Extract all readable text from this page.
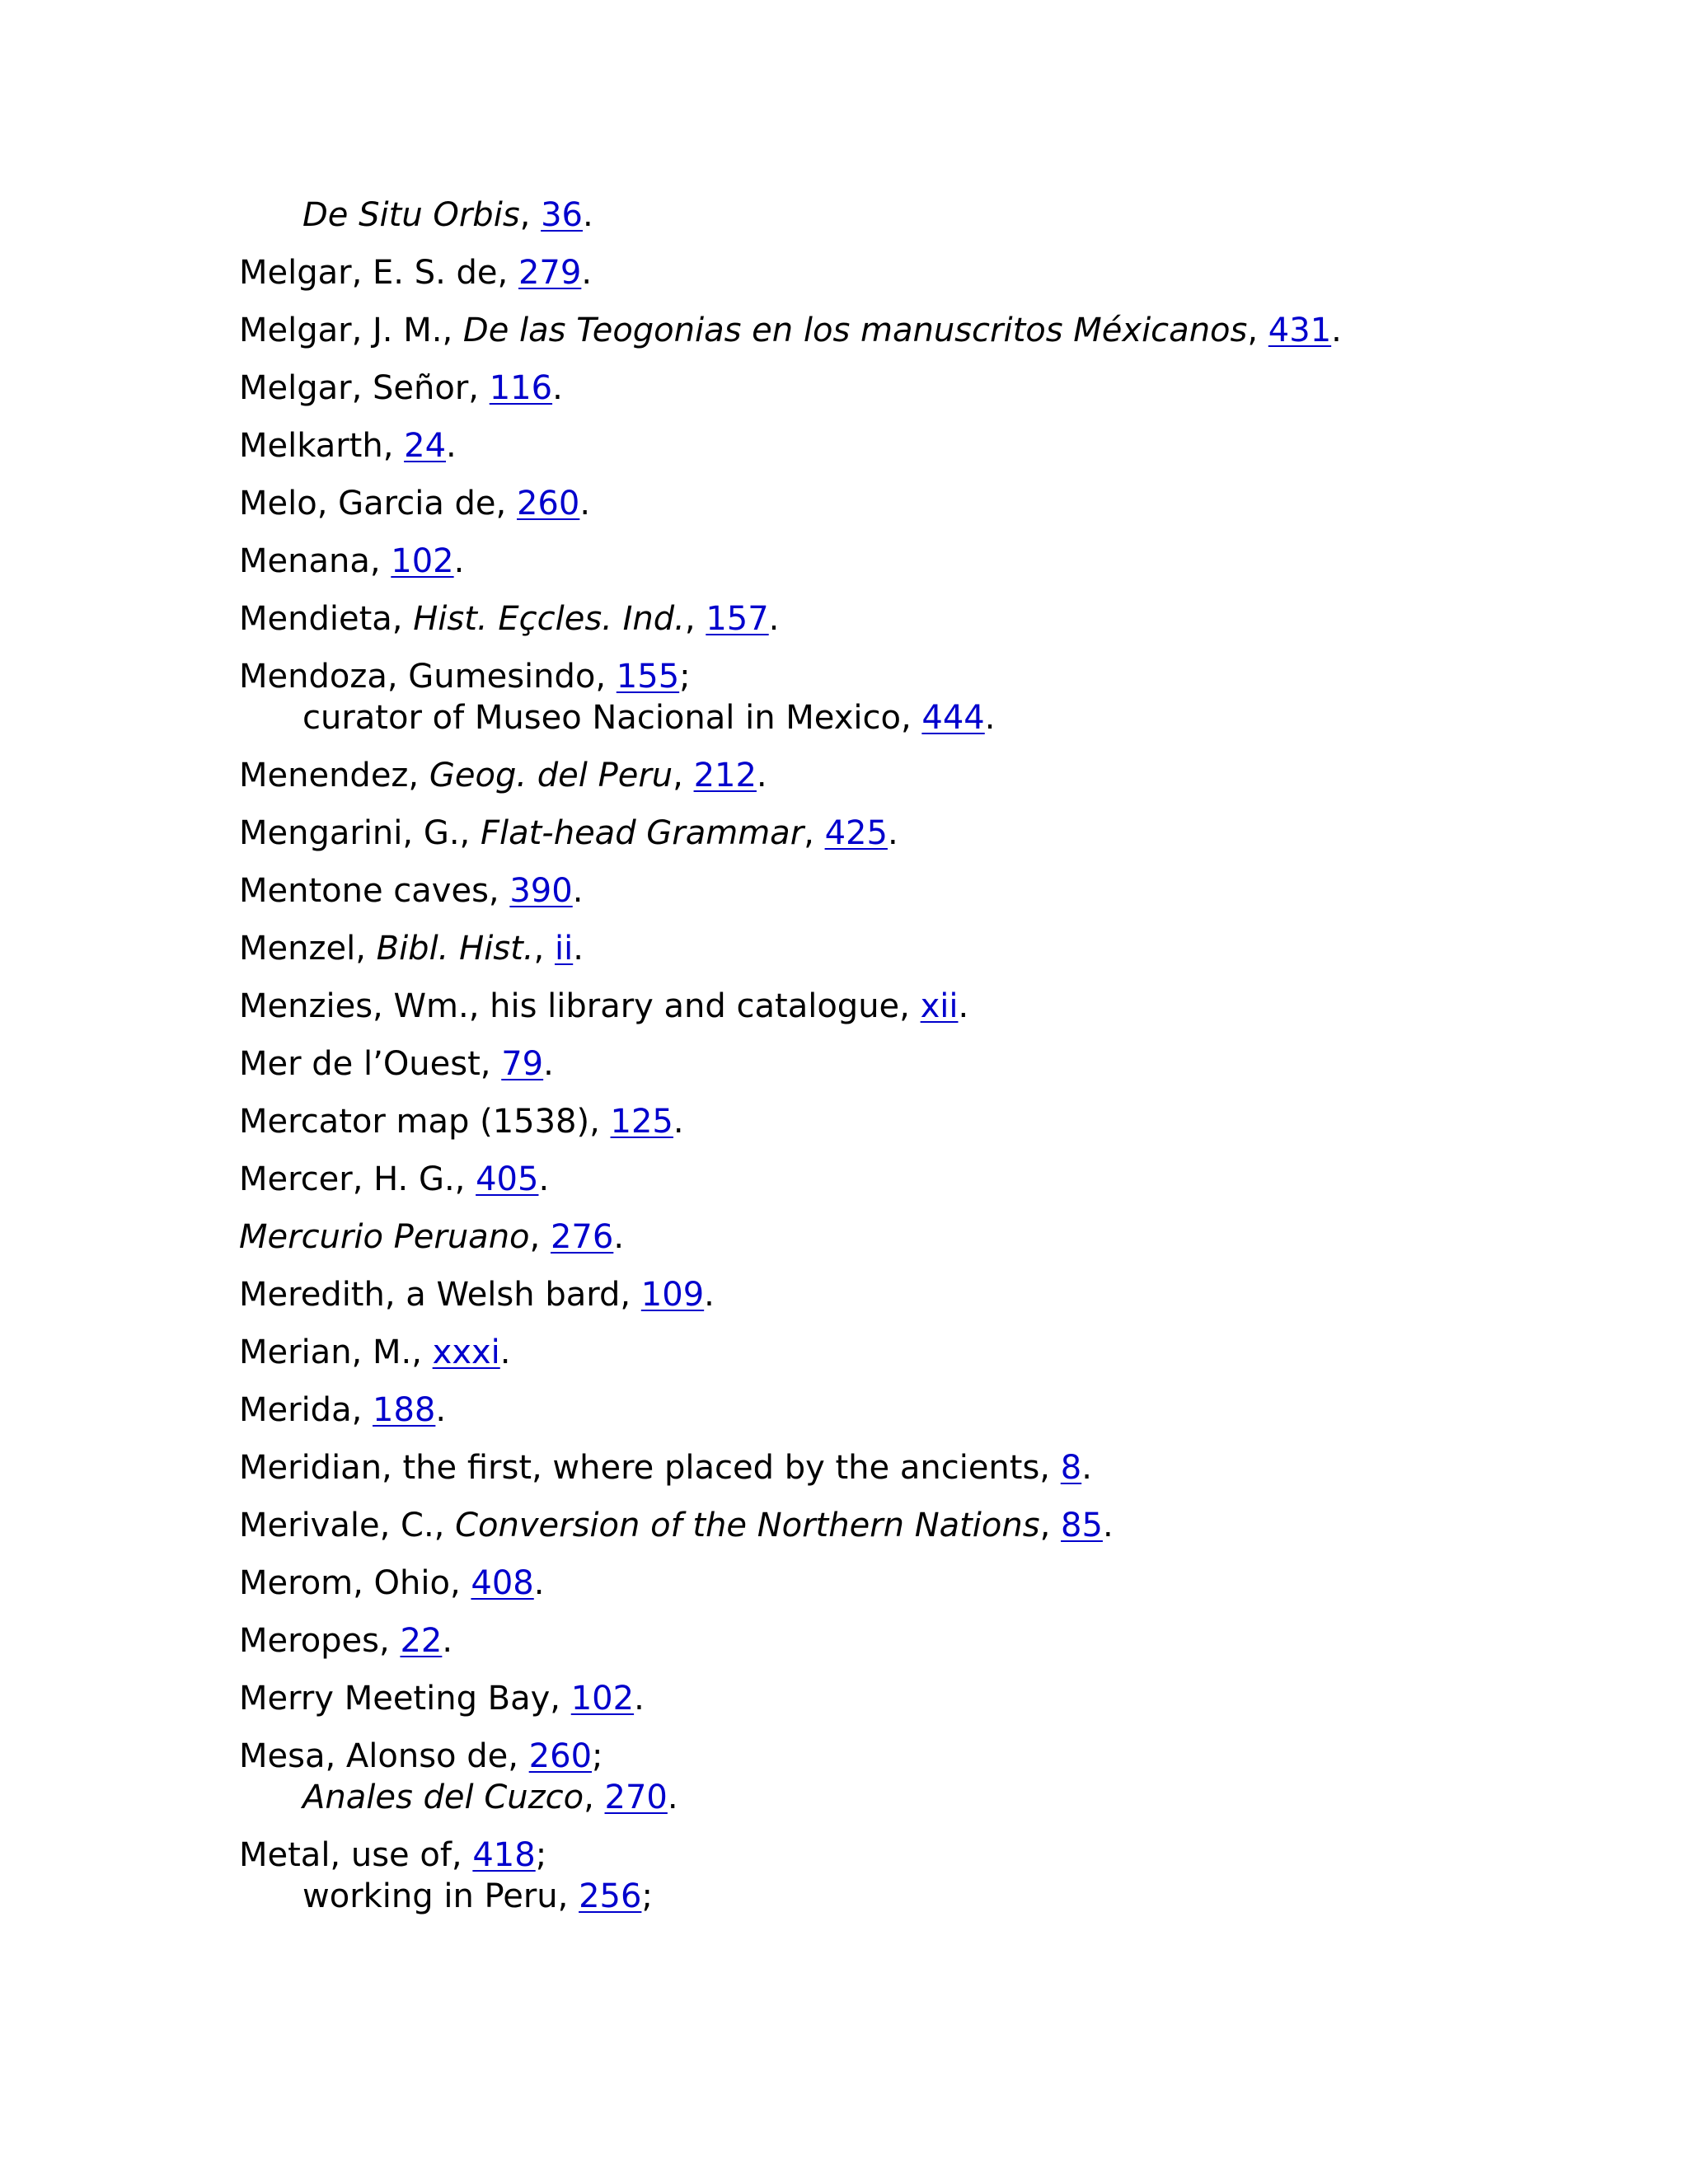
De Situ Orbis, 36.
Melgar, E. S. de, 279.
Melgar, J. M., De las Teogonias en los manuscritos Méxicanos, 431.
Melgar, Señor, 116.
Melkarth, 24.
Melo, Garcia de, 260.
Menana, 102.
Mendieta, Hist. Eçcles. Ind., 157.
Mendoza, Gumesindo, 155;
curator of Museo Nacional in Mexico, 444.
Menendez, Geog. del Peru, 212.
Mengarini, G., Flat-head Grammar, 425.
Mentone caves, 390.
Menzel, Bibl. Hist., ii.
Menzies, Wm., his library and catalogue, xii.
Mer de l’Ouest, 79.
Mercator map (1538), 125.
Mercer, H. G., 405.
Mercurio Peruano, 276.
Meredith, a Welsh bard, 109.
Merian, M., xxxi.
Merida, 188.
Meridian, the first, where placed by the ancients, 8.
Merivale, C., Conversion of the Northern Nations, 85.
Merom, Ohio, 408.
Meropes, 22.
Merry Meeting Bay, 102.
Mesa, Alonso de, 260;
Anales del Cuzco, 270.
Metal, use of, 418;
working in Peru, 256;
